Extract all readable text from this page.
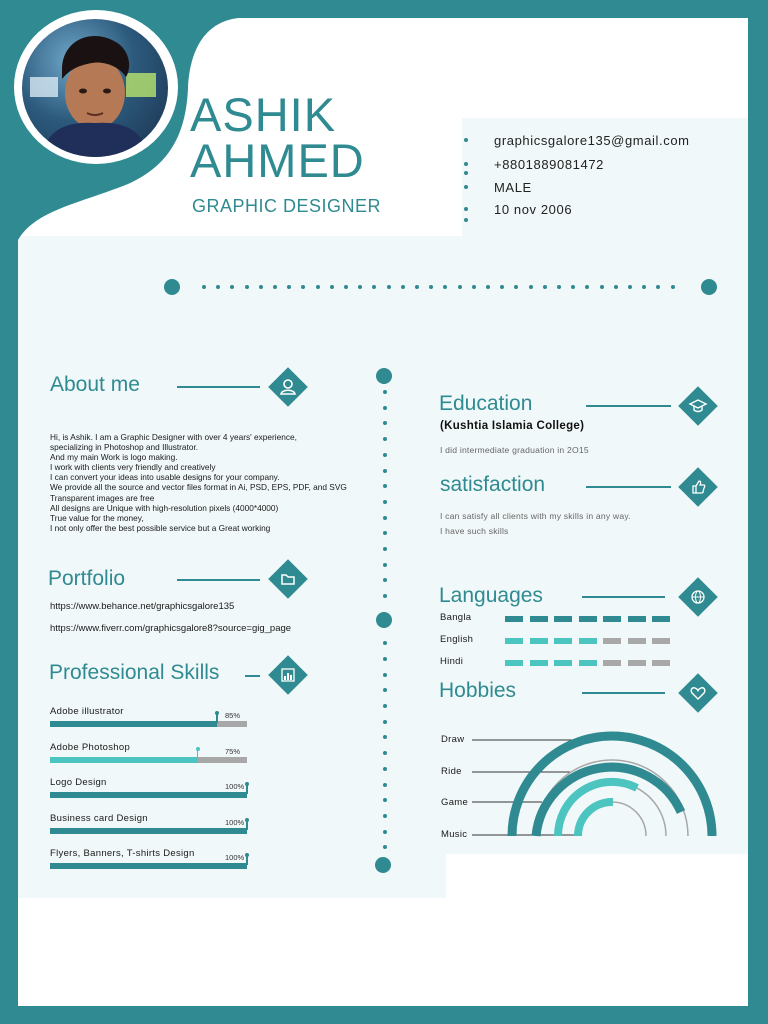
ASHIK
AHMED
GRAPHIC DESIGNER
graphicsgalore135@gmail.com
+8801889081472
MALE
10 nov 2006
About me
Hi, is Ashik. I am a Graphic Designer with over 4 years' experience,
specializing in Photoshop and Illustrator.
And my main Work is logo making.
I work with clients very friendly and creatively
I can convert your ideas into usable designs for your company.
We provide all the source and vector files format in Ai, PSD, EPS, PDF, and SVG
Transparent images are free
All designs are Unique with high-resolution pixels (4000*4000)
True value for the money,
I not only offer the best possible service but a Great working
Portfolio
https://www.behance.net/graphicsgalore135
https://www.fiverr.com/graphicsgalore8?source=gig_page
Professional Skills
Adobe illustrator	85%
Adobe Photoshop	75%
Logo Design	100%
Business card Design	100%
Flyers, Banners, T-shirts Design	100%
Education
(Kushtia Islamia College)
I did intermediate graduation in 2O15
satisfaction
I can satisfy all clients with my skills in any way.
I have such skills
Languages
Bangla
English
Hindi
Hobbies
Draw
Ride
Game
Music
